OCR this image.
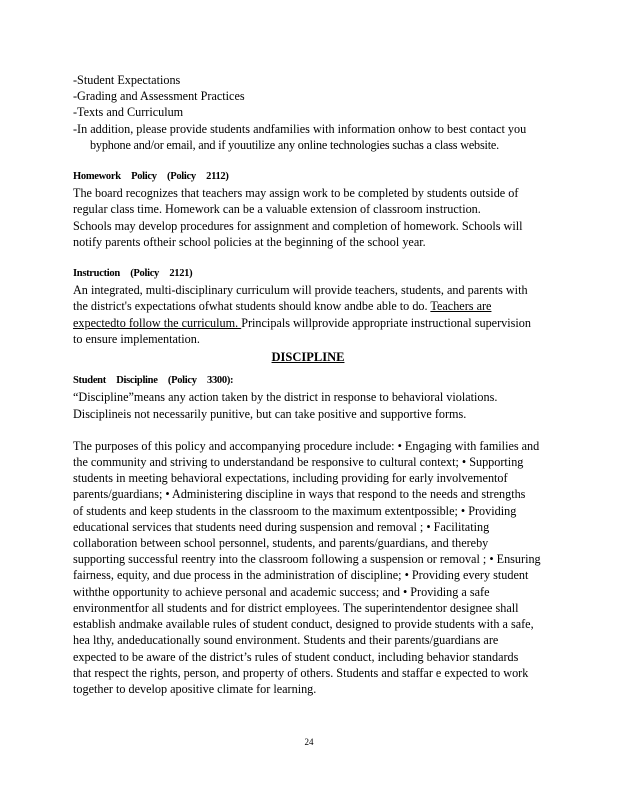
-Student Expectations
-Grading and Assessment Practices
-Texts and Curriculum
-In addition, please provide students andfamilies with information onhow to best contact you
byphone and/or email, and if youutilize any online technologies suchas a class website.
Homework Policy (Policy 2112)
The board recognizes that teachers may assign work to be completed by students outside of
regular class time. Homework can be a valuable extension of classroom instruction.
Schools may develop procedures for assignment and completion of homework. Schools will
notify parents oftheir school policies at the beginning of the school year.
Instruction (Policy 2121)
An integrated, multi-disciplinary curriculum will provide teachers, students, and parents with
the district's expectations ofwhat students should know andbe able to do. Teachers are
expectedto follow the curriculum. Principals willprovide appropriate instructional supervision
to ensure implementation.
DISCIPLINE
Student Discipline (Policy 3300):
“Discipline”means any action taken by the district in response to behavioral violations.
Disciplineis not necessarily punitive, but can take positive and supportive forms.
The purposes of this policy and accompanying procedure include: • Engaging with families and
the community and striving to understandand be responsive to cultural context; • Supporting
students in meeting behavioral expectations, including providing for early involvementof
parents/guardians; • Administering discipline in ways that respond to the needs and strengths
of students and keep students in the classroom to the maximum extentpossible; • Providing
educational services that students need during suspension and removal ; • Facilitating
collaboration between school personnel, students, and parents/guardians, and thereby
supporting successful reentry into the classroom following a suspension or removal ; • Ensuring
fairness, equity, and due process in the administration of discipline; • Providing every student
withthe opportunity to achieve personal and academic success; and • Providing a safe
environmentfor all students and for district employees. The superintendentor designee shall
establish andmake available rules of student conduct, designed to provide students with a safe,
hea lthy, andeducationally sound environment. Students and their parents/guardians are
expected to be aware of the district’s rules of student conduct, including behavior standards
that respect the rights, person, and property of others. Students and staffar e expected to work
together to develop apositive climate for learning.
24
